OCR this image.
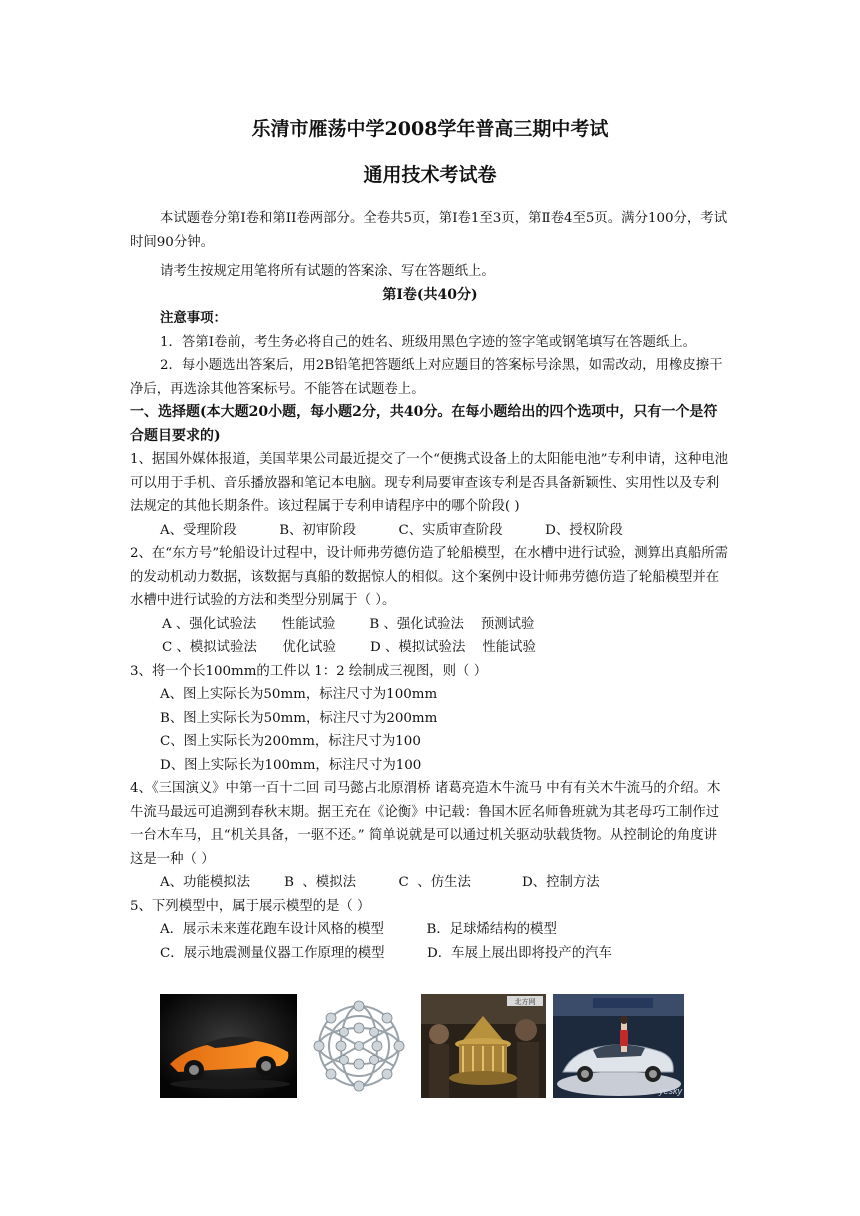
乐清市雁荡中学2008学年普高三期中考试
通用技术考试卷

本试题卷分第Ⅰ卷和第ⅠI卷两部分。全卷共5页，第Ⅰ卷1至3页，第Ⅱ卷4至5页。满分100分，考试时间90分钟。

请考生按规定用笔将所有试题的答案涂、写在答题纸上。

第Ⅰ卷(共40分)

注意事项：

1．答第Ⅰ卷前，考生务必将自己的姓名、班级用黑色字迹的签字笔或钢笔填写在答题纸上。

2．每小题选出答案后，用2B铅笔把答题纸上对应题目的答案标号涂黑，如需改动，用橡皮擦干净后，再选涂其他答案标号。不能答在试题卷上。

一、选择题(本大题20小题，每小题2分，共40分。在每小题给出的四个选项中，只有一个是符合题目要求的)

1、据国外媒体报道，美国苹果公司最近提交了一个“便携式设备上的太阳能电池”专利申请，这种电池可以用于手机、音乐播放器和笔记本电脑。现专利局要审查该专利是否具备新颖性、实用性以及专利法规定的其他长期条件。该过程属于专利申请程序中的哪个阶段( )

A、受理阶段          B、初审阶段          C、实质审查阶段          D、授权阶段

2、在“东方号”轮船设计过程中，设计师弗劳德仿造了轮船模型，在水槽中进行试验，测算出真船所需的发动机动力数据，该数据与真船的数据惊人的相似。这个案例中设计师弗劳德仿造了轮船模型并在水槽中进行试验的方法和类型分别属于（ ）。

A 、强化试验法      性能试验        B 、强化试验法    预测试验

C 、模拟试验法      优化试验        D 、模拟试验法    性能试验

3、将一个长100mm的工件以 1：2 绘制成三视图，则（ ）

A、图上实际长为50mm，标注尺寸为100mm

B、图上实际长为50mm，标注尺寸为200mm

C、图上实际长为200mm，标注尺寸为100

D、图上实际长为100mm，标注尺寸为100

4、《三国演义》中第一百十二回 司马懿占北原渭桥 诸葛亮造木牛流马 中有有关木牛流马的介绍。木牛流马最远可追溯到春秋末期。据王充在《论衡》中记载：鲁国木匠名师鲁班就为其老母巧工制作过一台木车马，且“机关具备，一驱不还。” 简单说就是可以通过机关驱动驮载货物。从控制论的角度讲这是一种（ ）

A、功能模拟法        B  、模拟法          C  、仿生法            D、控制方法

5、下列模型中，属于展示模型的是（ ）

A．展示未来莲花跑车设计风格的模型          B．足球烯结构的模型

C．展示地震测量仪器工作原理的模型          D．车展上展出即将投产的汽车

北方网
yesky
